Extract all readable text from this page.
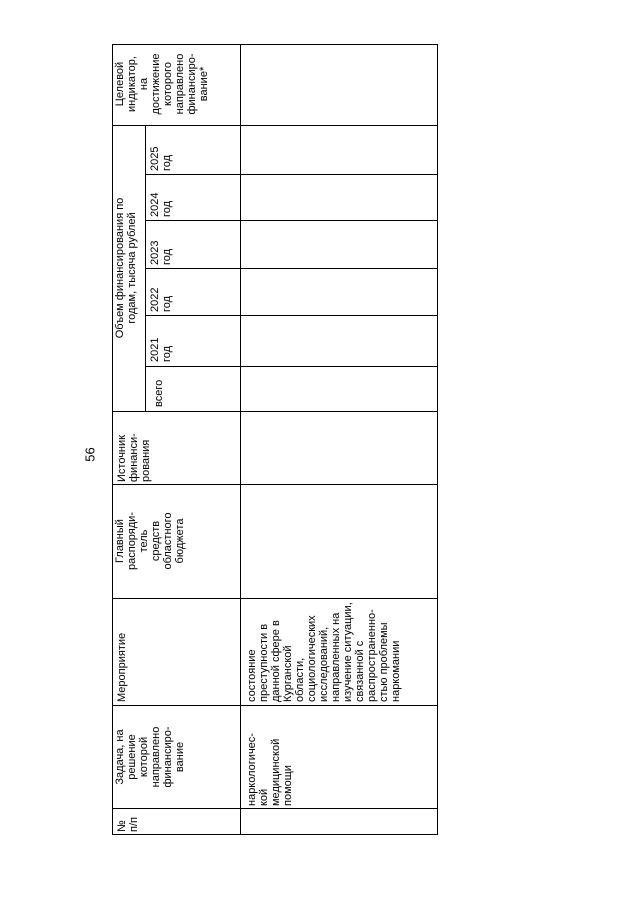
56
№
п/п
Задача, на
решение
которой
направлено
финансиро-
вание
Мероприятие
Главный
распоряди-
тель
средств
областного
бюджета
Источник
финанси-
рования
Объем финансирования по
годам, тысяча рублей
всего
2021
год
2022
год
2023
год
2024
год
2025
год
Целевой
индикатор,
на
достижение
которого
направлено
финансиро-
вание*
наркологичес-
кой
медицинской
помощи
состояние
преступности в
данной сфере в
Курганской
области,
социологических
исследований,
направленных на
изучение ситуации,
связанной с
распространенно-
стью проблемы
наркомании
